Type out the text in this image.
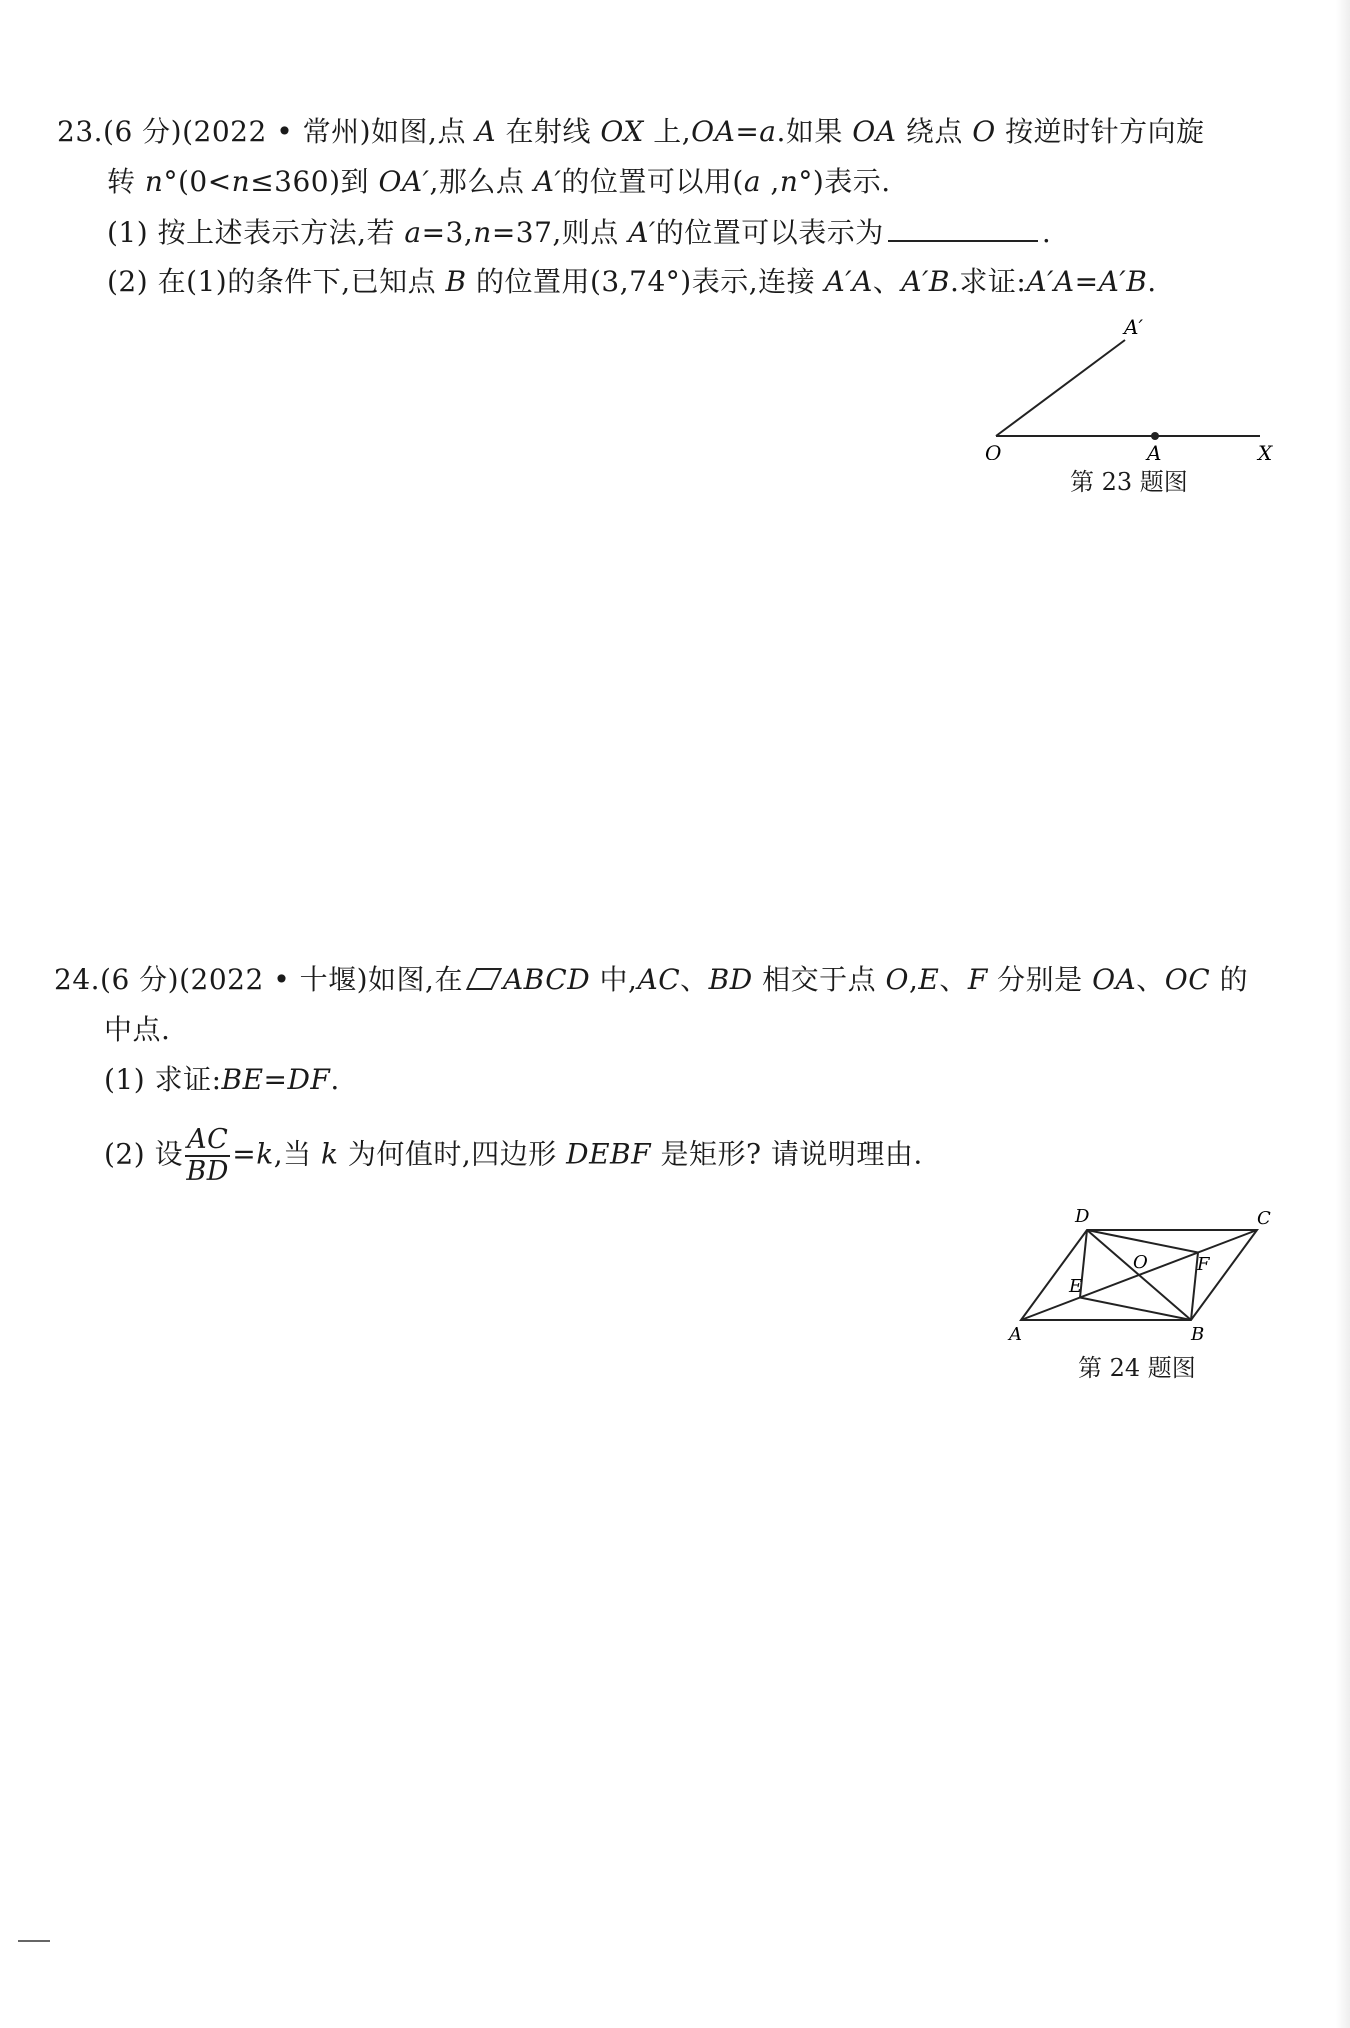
23.(6 分)(2022 • 常州)如图,点 A 在射线 OX 上,OA=a.如果 OA 绕点 O 按逆时针方向旋
转 n°(0<n≤360)到 OA′,那么点 A′的位置可以用(a ,n°)表示.
(1) 按上述表示方法,若 a=3,n=37,则点 A′的位置可以表示为	.
(2) 在(1)的条件下,已知点 B 的位置用(3,74°)表示,连接 A′A、A′B.求证:A′A=A′B.
O	A	X
A′
第 23 题图
24.(6 分)(2022 • 十堰)如图,在 ABCD 中,AC、BD 相交于点 O,E、F 分别是 OA、OC 的
中点.
(1) 求证:BE=DF.
(2) 设 $\frac{AC}{BD} =k$,当 k 为何值时,四边形 DEBF 是矩形? 请说明理由.
A	B
C
D
O
E
F
第 24 题图
